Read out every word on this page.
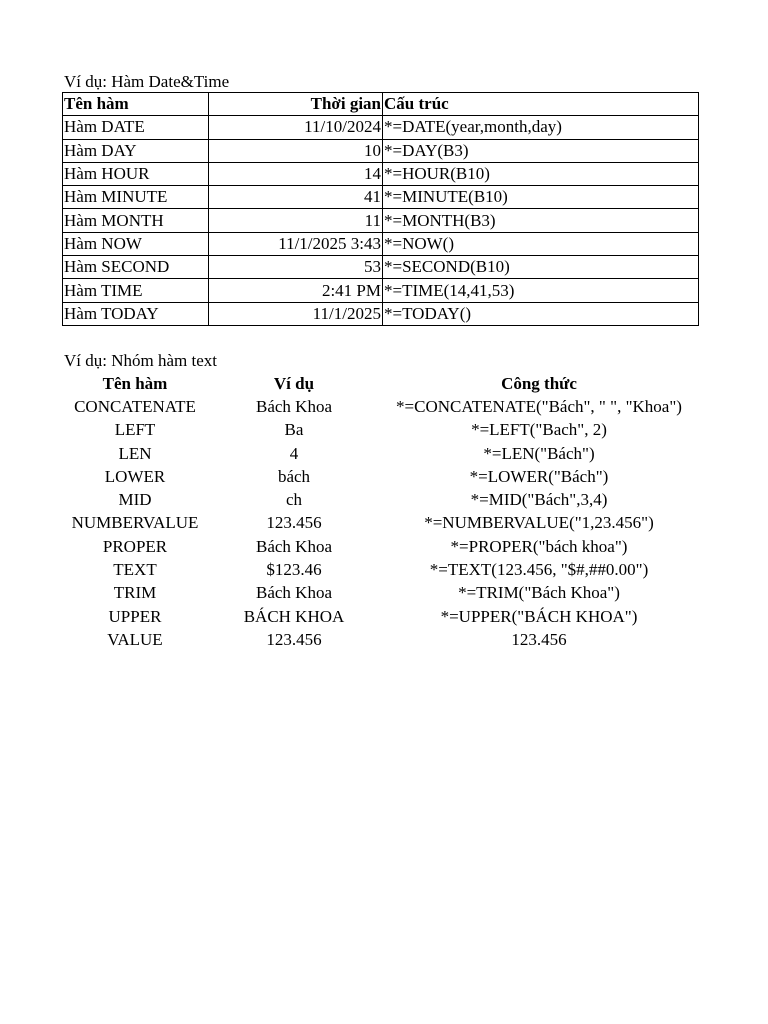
Ví dụ: Hàm Date&Time
Tên hàm	Thời gian	Cấu trúc
Hàm DATE	11/10/2024	*=DATE(year,month,day)
Hàm DAY	10	*=DAY(B3)
Hàm HOUR	14	*=HOUR(B10)
Hàm MINUTE	41	*=MINUTE(B10)
Hàm MONTH	11	*=MONTH(B3)
Hàm NOW	11/1/2025 3:43	*=NOW()
Hàm SECOND	53	*=SECOND(B10)
Hàm TIME	2:41 PM	*=TIME(14,41,53)
Hàm TODAY	11/1/2025	*=TODAY()
Ví dụ: Nhóm hàm text
Tên hàm	Ví dụ	Công thức
CONCATENATE	Bách Khoa	*=CONCATENATE("Bách", " ", "Khoa")
LEFT	Ba	*=LEFT("Bach", 2)
LEN	4	*=LEN("Bách")
LOWER	bách	*=LOWER("Bách")
MID	ch	*=MID("Bách",3,4)
NUMBERVALUE	123.456	*=NUMBERVALUE("1,23.456")
PROPER	Bách Khoa	*=PROPER("bách khoa")
TEXT	$123.46	*=TEXT(123.456, "$#,##0.00")
TRIM	Bách Khoa	*=TRIM("Bách Khoa")
UPPER	BÁCH KHOA	*=UPPER("BÁCH KHOA")
VALUE	123.456	123.456
